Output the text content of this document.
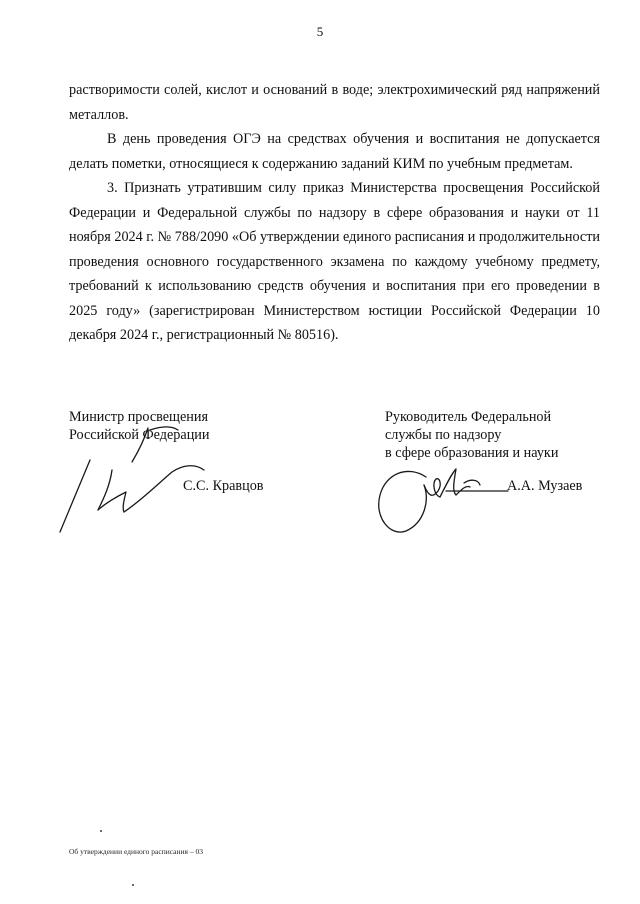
5

растворимости солей, кислот и оснований в воде; электрохимический ряд напряжений металлов.

В день проведения ОГЭ на средствах обучения и воспитания не допускается делать пометки, относящиеся к содержанию заданий КИМ по учебным предметам.

3. Признать утратившим силу приказ Министерства просвещения Российской Федерации и Федеральной службы по надзору в сфере образования и науки от 11 ноября 2024 г. № 788/2090 «Об утверждении единого расписания и продолжительности проведения основного государственного экзамена по каждому учебному предмету, требований к использованию средств обучения и воспитания при его проведении в 2025 году» (зарегистрирован Министерством юстиции Российской Федерации 10 декабря 2024 г., регистрационный № 80516).

Министр просвещения
Российской Федерации
С.С. Кравцов
Руководитель Федеральной
службы по надзору
в сфере образования и науки
А.А. Музаев
Об утверждении единого расписания – 03
